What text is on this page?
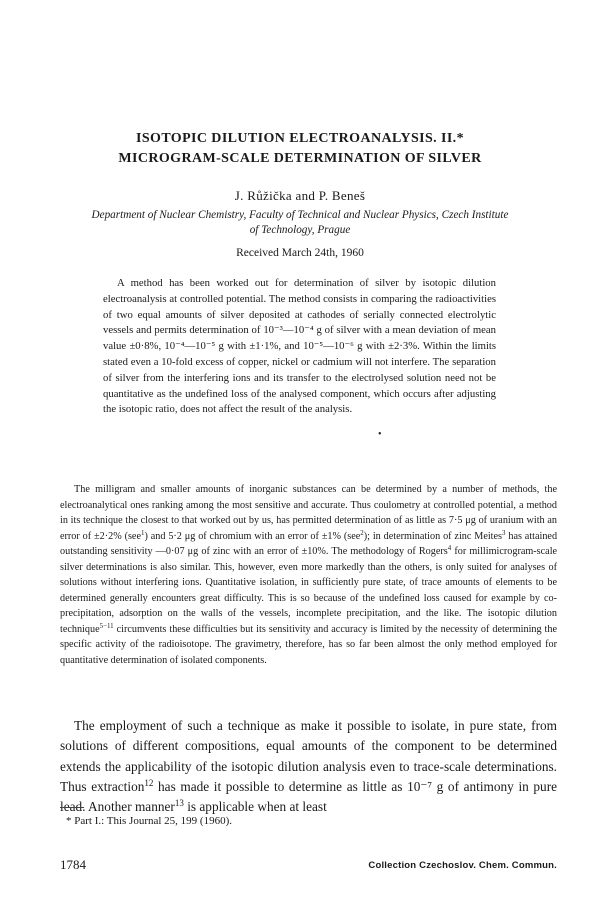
ISOTOPIC DILUTION ELECTROANALYSIS. II.*
MICROGRAM-SCALE DETERMINATION OF SILVER
J. Růžička and P. Beneš
Department of Nuclear Chemistry, Faculty of Technical and Nuclear Physics, Czech Institute
of Technology, Prague
Received March 24th, 1960

A method has been worked out for determination of silver by isotopic dilution electroanalysis at controlled potential. The method consists in comparing the radioactivities of two equal amounts of silver deposited at cathodes of serially connected electrolytic vessels and permits determination of 10⁻³—10⁻⁴ g of silver with a mean deviation of mean value ±0·8%, 10⁻⁴—10⁻⁵ g with ±1·1%, and 10⁻⁵—10⁻⁶ g with ±2·3%. Within the limits stated even a 10-fold excess of copper, nickel or cadmium will not interfere. The separation of silver from the interfering ions and its transfer to the electrolysed solution need not be quantitative as the undefined loss of the analysed component, which occurs after adjusting the isotopic ratio, does not affect the result of the analysis.

•

The milligram and smaller amounts of inorganic substances can be determined by a number of methods, the electroanalytical ones ranking among the most sensitive and accurate. Thus coulometry at controlled potential, a method in its technique the closest to that worked out by us, has permitted determination of as little as 7·5 μg of uranium with an error of ±2·2% (see$^1$) and 5·2 μg of chromium with an error of ±1% (see$^2$); in determination of zinc Meites$^3$ has attained outstanding sensitivity —0·07 μg of zinc with an error of ±10%. The methodology of Rogers$^4$ for millimicrogram-scale silver determinations is also similar. This, however, even more markedly than the others, is only suited for analyses of solutions without interfering ions. Quantitative isolation, in sufficiently pure state, of trace amounts of elements to be determined generally encounters great difficulty. This is so because of the undefined loss caused for example by co-precipitation, adsorption on the walls of the vessels, incomplete precipitation, and the like. The isotopic dilution technique$^{5-11}$ circumvents these difficulties but its sensitivity and accuracy is limited by the necessity of determining the specific activity of the radioisotope. The gravimetry, therefore, has so far been almost the only method employed for quantitative determination of isolated components.

The employment of such a technique as make it possible to isolate, in pure state, from solutions of different compositions, equal amounts of the component to be determined extends the applicability of the isotopic dilution analysis even to trace-scale determinations. Thus extraction$^{12}$ has made it possible to determine as little as 10⁻⁷ g of antimony in pure lead. Another manner$^{13}$ is applicable when at least

* Part I.: This Journal 25, 199 (1960).
1784	Collection Czechoslov. Chem. Commun.
